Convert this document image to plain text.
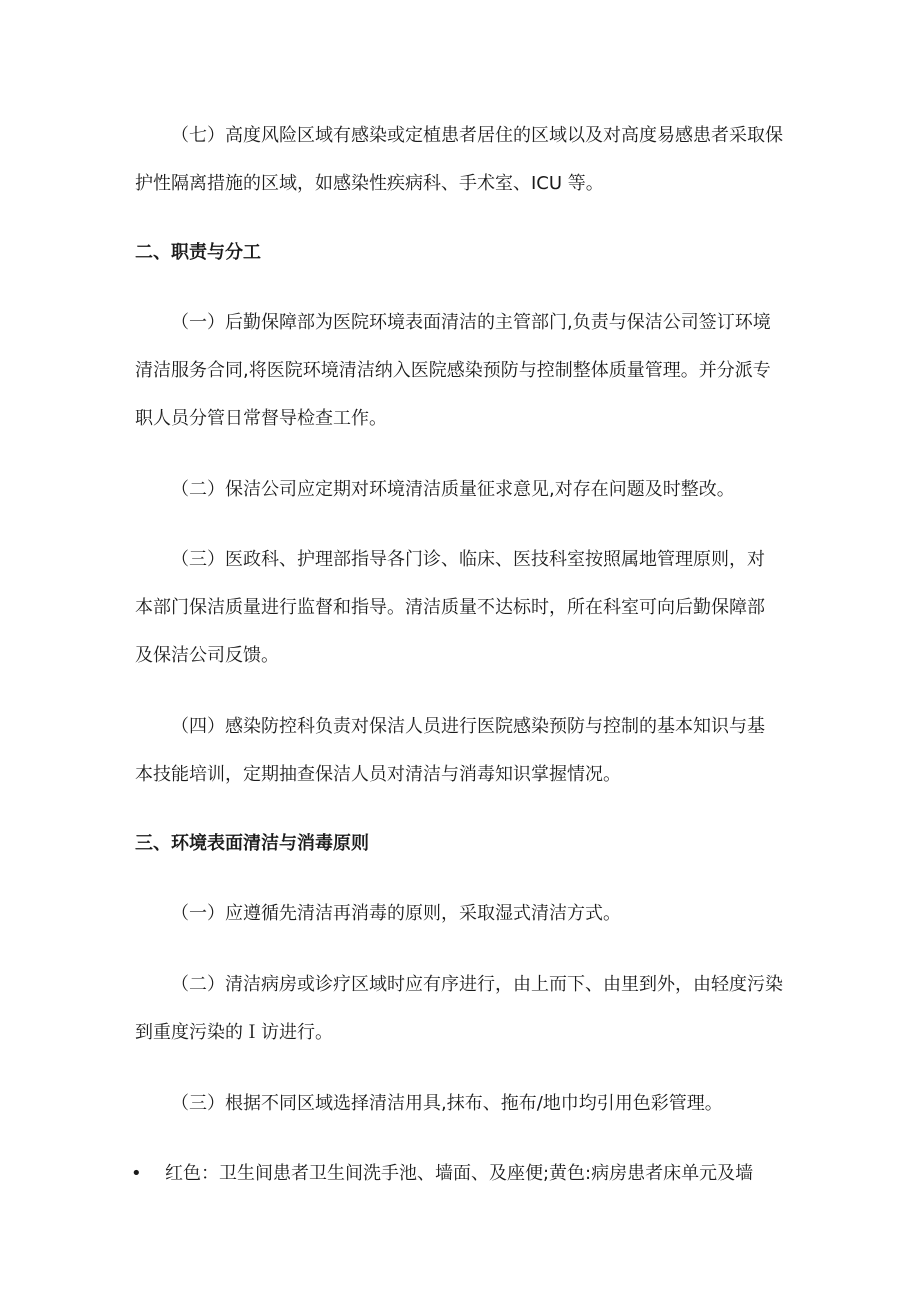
（七）高度风险区域有感染或定植患者居住的区域以及对高度易感患者采取保
护性隔离措施的区域，如感染性疾病科、手术室、ICU 等。
二、职责与分工
（一）后勤保障部为医院环境表面清洁的主管部门,负责与保洁公司签订环境
清洁服务合同,将医院环境清洁纳入医院感染预防与控制整体质量管理。并分派专
职人员分管日常督导检查工作。
（二）保洁公司应定期对环境清洁质量征求意见,对存在问题及时整改。
（三）医政科、护理部指导各门诊、临床、医技科室按照属地管理原则，对
本部门保洁质量进行监督和指导。清洁质量不达标时，所在科室可向后勤保障部
及保洁公司反馈。
（四）感染防控科负责对保洁人员进行医院感染预防与控制的基本知识与基
本技能培训，定期抽查保洁人员对清洁与消毒知识掌握情况。
三、环境表面清洁与消毒原则
（一）应遵循先清洁再消毒的原则，采取湿式清洁方式。
（二）清洁病房或诊疗区域时应有序进行，由上而下、由里到外，由轻度污染
到重度污染的Ｉ访进行。
（三）根据不同区域选择清洁用具,抹布、拖布/地巾均引用色彩管理。
• 红色：卫生间患者卫生间洗手池、墙面、及座便;黄色:病房患者床单元及墙
